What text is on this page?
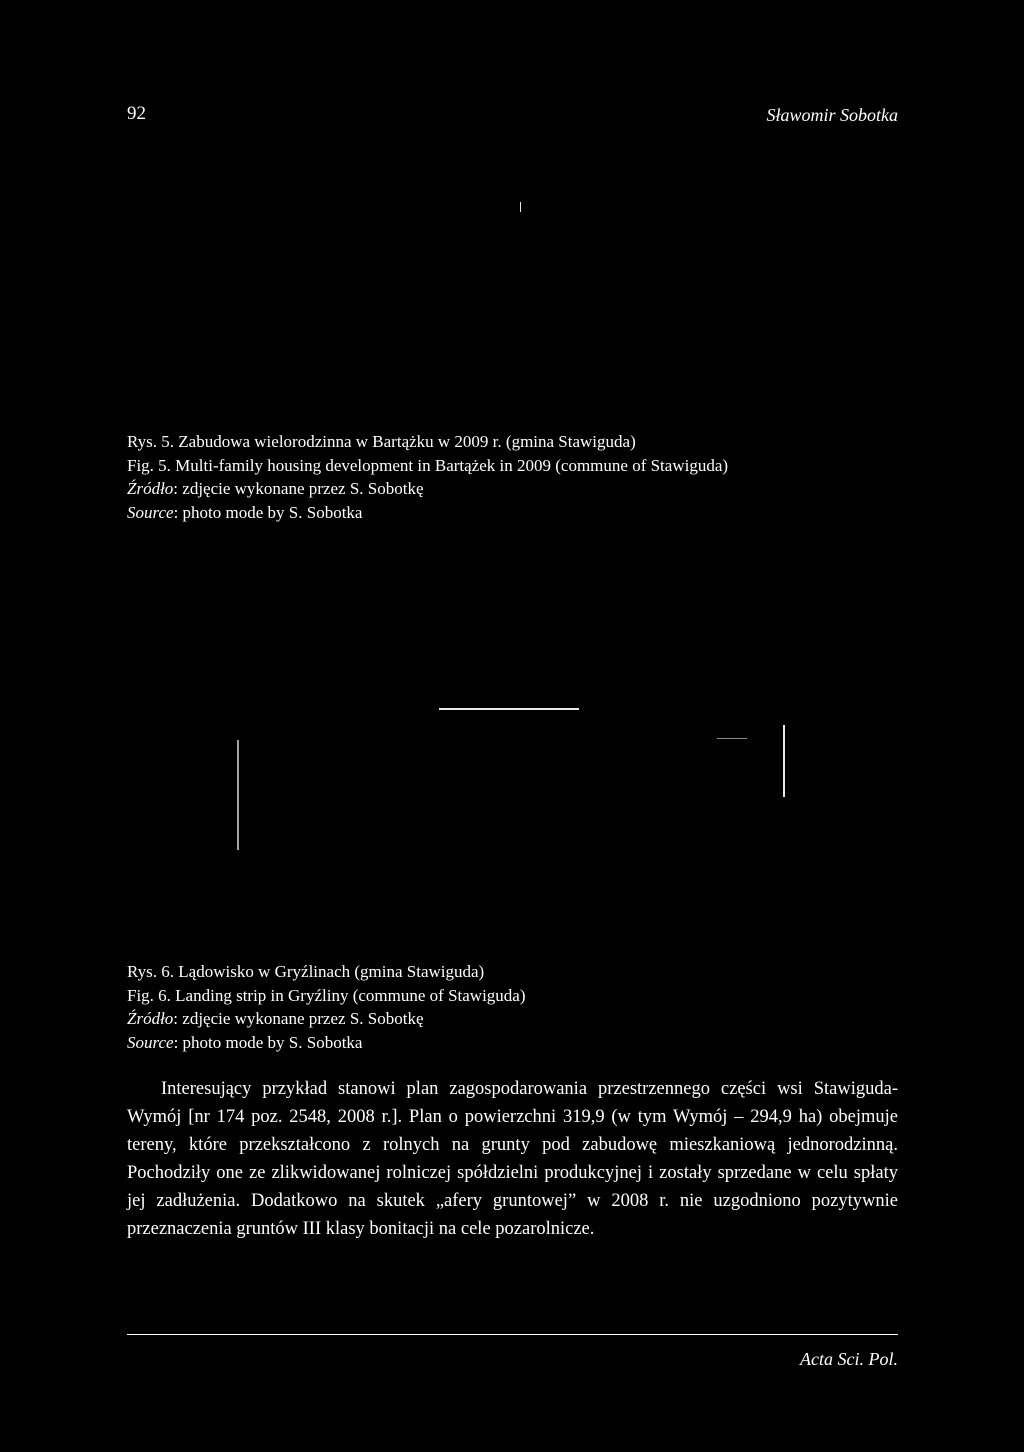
92	Sławomir Sobotka
Rys. 5. Zabudowa wielorodzinna w Bartążku w 2009 r. (gmina Stawiguda)
Fig. 5. Multi-family housing development in Bartążek in 2009 (commune of Stawiguda)
Źródło: zdjęcie wykonane przez S. Sobotkę
Source: photo mode by S. Sobotka
Rys. 6. Lądowisko w Gryźlinach (gmina Stawiguda)
Fig. 6. Landing strip in Gryźliny (commune of Stawiguda)
Źródło: zdjęcie wykonane przez S. Sobotkę
Source: photo mode by S. Sobotka

Interesujący przykład stanowi plan zagospodarowania przestrzennego części wsi Stawiguda-Wymój [nr 174 poz. 2548, 2008 r.]. Plan o powierzchni 319,9 (w tym Wymój – 294,9 ha) obejmuje tereny, które przekształcono z rolnych na grunty pod zabudowę mieszkaniową jednorodzinną. Pochodziły one ze zlikwidowanej rolniczej spółdzielni produkcyjnej i zostały sprzedane w celu spłaty jej zadłużenia. Dodatkowo na skutek „afery gruntowej” w 2008 r. nie uzgodniono pozytywnie przeznaczenia gruntów III klasy bonitacji na cele pozarolnicze.

Acta Sci. Pol.
